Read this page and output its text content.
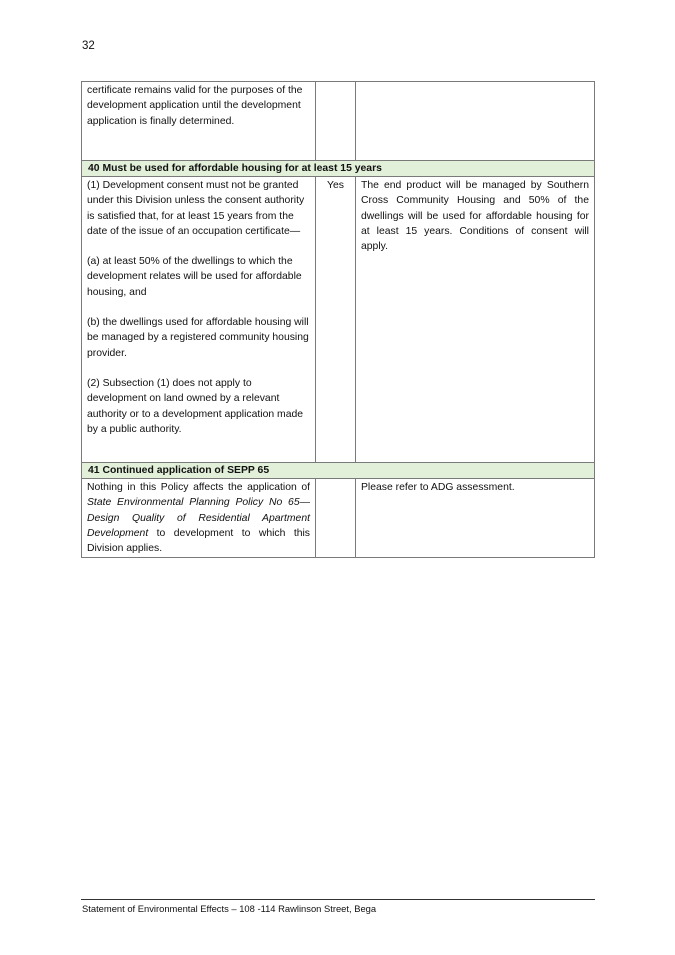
32

certificate remains valid for the purposes of the development application until the development application is finally determined.		

40 Must be used for affordable housing for at least 15 years		

(1) Development consent must not be granted under this Division unless the consent authority is satisfied that, for at least 15 years from the date of the issue of an occupation certificate—

(a) at least 50% of the dwellings to which the development relates will be used for affordable housing, and

(b) the dwellings used for affordable housing will be managed by a registered community housing provider.

(2) Subsection (1) does not apply to development on land owned by a relevant authority or to a development application made by a public authority.	Yes	The end product will be managed by Southern Cross Community Housing and 50% of the dwellings will be used for affordable housing for at least 15 years. Conditions of consent will apply.
41 Continued application of SEPP 65		
Nothing in this Policy affects the application of State Environmental Planning Policy No 65—Design Quality of Residential Apartment Development to development to which this Division applies.		Please refer to ADG assessment.
Statement of Environmental Effects – 108 -114 Rawlinson Street, Bega
